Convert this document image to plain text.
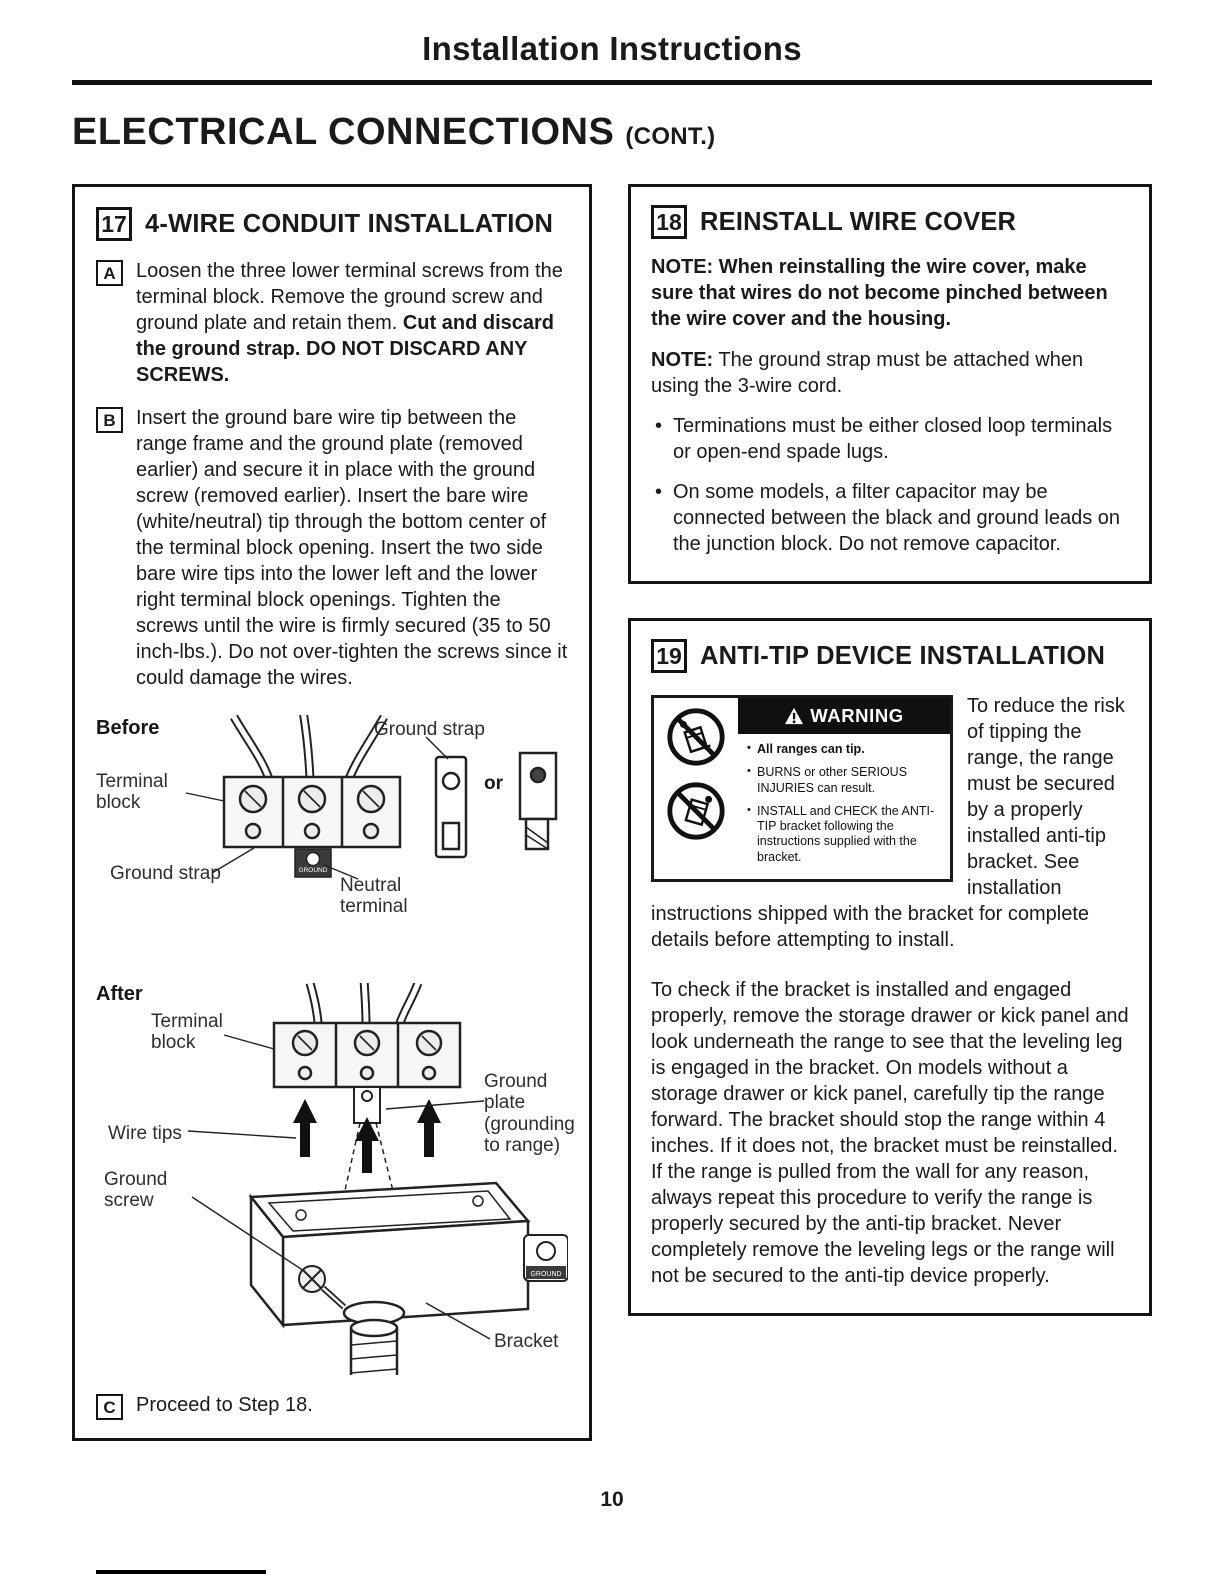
Installation Instructions
ELECTRICAL CONNECTIONS (CONT.)
17 4-WIRE CONDUIT INSTALLATION
A	Loosen the three lower terminal screws from the terminal block. Remove the ground screw and ground plate and retain them. Cut and discard the ground strap. DO NOT DISCARD ANY SCREWS.

B	Insert the ground bare wire tip between the range frame and the ground plate (removed earlier) and secure it in place with the ground screw (removed earlier). Insert the bare wire (white/neutral) tip through the bottom center of the terminal block opening. Insert the two side bare wire tips into the lower left and the lower right terminal block openings. Tighten the screws until the wire is firmly secured (35 to 50 inch-lbs.). Do not over-tighten the screws since it could damage the wires.

GROUND
Before	Ground strap
Terminal block
Ground strap
Neutral terminal
or
GROUND
After
Terminal block
Ground plate (grounding to range)
Wire tips
Ground screw
Bracket
C	Proceed to Step 18.

18 REINSTALL WIRE COVER

NOTE: When reinstalling the wire cover, make sure that wires do not become pinched between the wire cover and the housing.

NOTE: The ground strap must be attached when using the 3-wire cord.

• Terminations must be either closed loop terminals or open-end spade lugs.
• On some models, a filter capacitor may be connected between the black and ground leads on the junction block. Do not remove capacitor.
19 ANTI-TIP DEVICE INSTALLATION
WARNING
• All ranges can tip.
• BURNS or other SERIOUS INJURIES can result.
• INSTALL and CHECK the ANTI-TIP bracket following the instructions supplied with the bracket.

To reduce the risk of tipping the range, the range must be secured by a properly installed anti-tip bracket. See installation instructions shipped with the bracket for complete details before attempting to install.

To check if the bracket is installed and engaged properly, remove the storage drawer or kick panel and look underneath the range to see that the leveling leg is engaged in the bracket. On models without a storage drawer or kick panel, carefully tip the range forward. The bracket should stop the range within 4 inches. If it does not, the bracket must be reinstalled. If the range is pulled from the wall for any reason, always repeat this procedure to verify the range is properly secured by the anti-tip bracket. Never completely remove the leveling legs or the range will not be secured to the anti-tip device properly.

10
